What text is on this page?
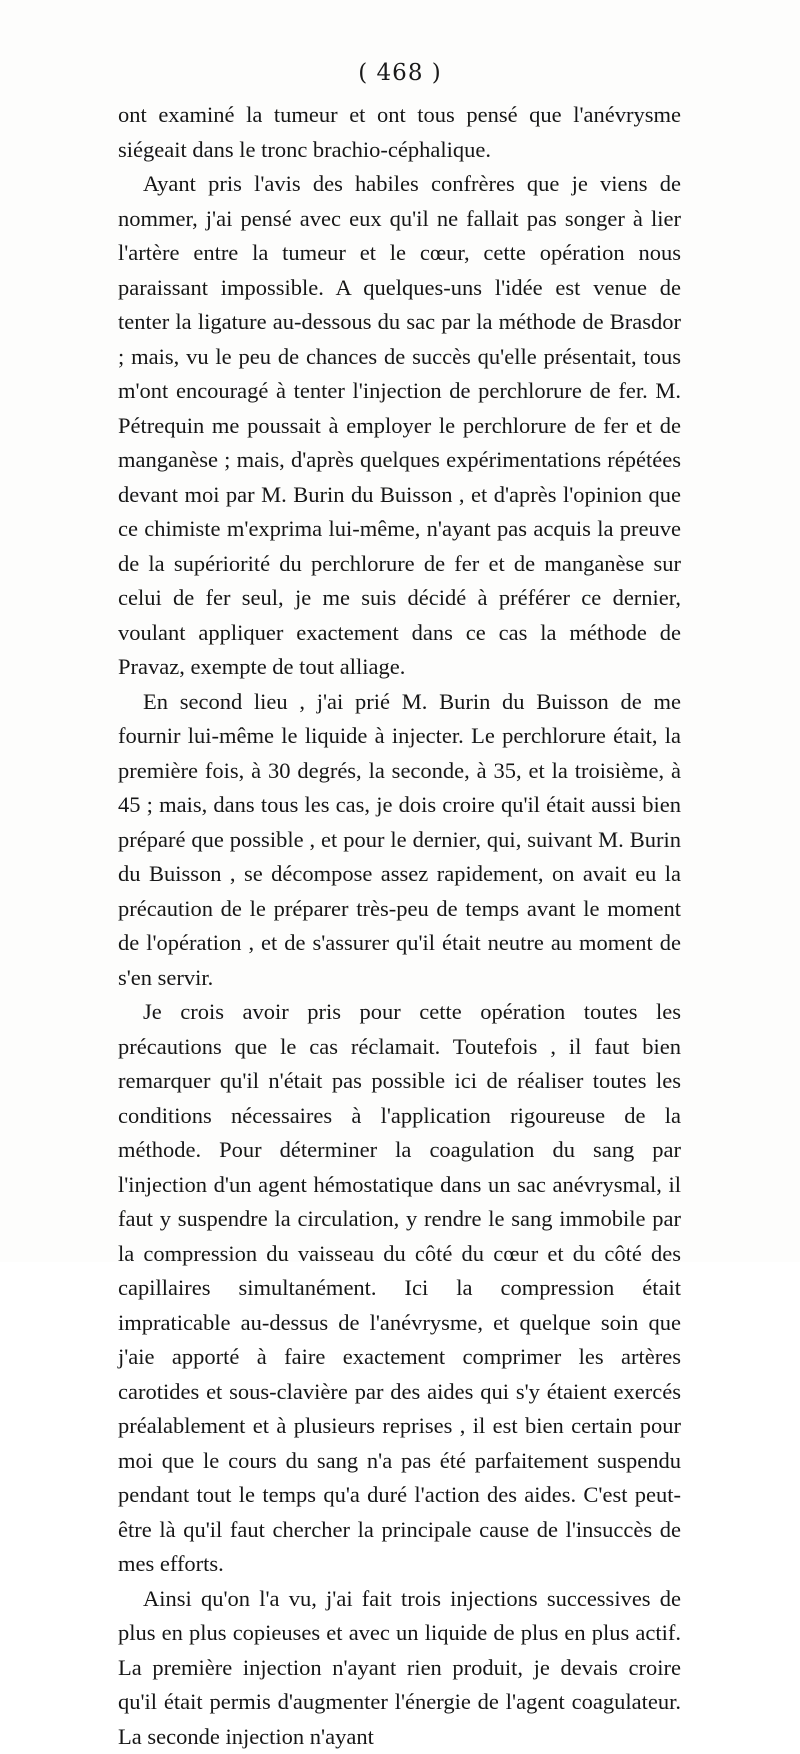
( 468 )

ont examiné la tumeur et ont tous pensé que l'anévrysme siégeait dans le tronc brachio-céphalique.

Ayant pris l'avis des habiles confrères que je viens de nommer, j'ai pensé avec eux qu'il ne fallait pas songer à lier l'artère entre la tumeur et le cœur, cette opération nous paraissant impossible. A quelques-uns l'idée est venue de tenter la ligature au-dessous du sac par la méthode de Brasdor ; mais, vu le peu de chances de succès qu'elle présentait, tous m'ont encouragé à tenter l'injection de perchlorure de fer. M. Pétrequin me poussait à employer le perchlorure de fer et de manganèse ; mais, d'après quelques expérimentations répétées devant moi par M. Burin du Buisson , et d'après l'opinion que ce chimiste m'exprima lui-même, n'ayant pas acquis la preuve de la supériorité du perchlorure de fer et de manganèse sur celui de fer seul, je me suis décidé à préférer ce dernier, voulant appliquer exactement dans ce cas la méthode de Pravaz, exempte de tout alliage.

En second lieu , j'ai prié M. Burin du Buisson de me fournir lui-même le liquide à injecter. Le perchlorure était, la première fois, à 30 degrés, la seconde, à 35, et la troisième, à 45 ; mais, dans tous les cas, je dois croire qu'il était aussi bien préparé que possible , et pour le dernier, qui, suivant M. Burin du Buisson , se décompose assez rapidement, on avait eu la précaution de le préparer très-peu de temps avant le moment de l'opération , et de s'assurer qu'il était neutre au moment de s'en servir.

Je crois avoir pris pour cette opération toutes les précautions que le cas réclamait. Toutefois , il faut bien remarquer qu'il n'était pas possible ici de réaliser toutes les conditions nécessaires à l'application rigoureuse de la méthode. Pour déterminer la coagulation du sang par l'injection d'un agent hémostatique dans un sac anévrysmal, il faut y suspendre la circulation, y rendre le sang immobile par la compression du vaisseau du côté du cœur et du côté des capillaires simultanément. Ici la compression était impraticable au-dessus de l'anévrysme, et quelque soin que j'aie apporté à faire exactement comprimer les artères carotides et sous-clavière par des aides qui s'y étaient exercés préalablement et à plusieurs reprises , il est bien certain pour moi que le cours du sang n'a pas été parfaitement suspendu pendant tout le temps qu'a duré l'action des aides. C'est peut-être là qu'il faut chercher la principale cause de l'insuccès de mes efforts.

Ainsi qu'on l'a vu, j'ai fait trois injections successives de plus en plus copieuses et avec un liquide de plus en plus actif. La première injection n'ayant rien produit, je devais croire qu'il était permis d'augmenter l'énergie de l'agent coagulateur. La seconde injection n'ayant
